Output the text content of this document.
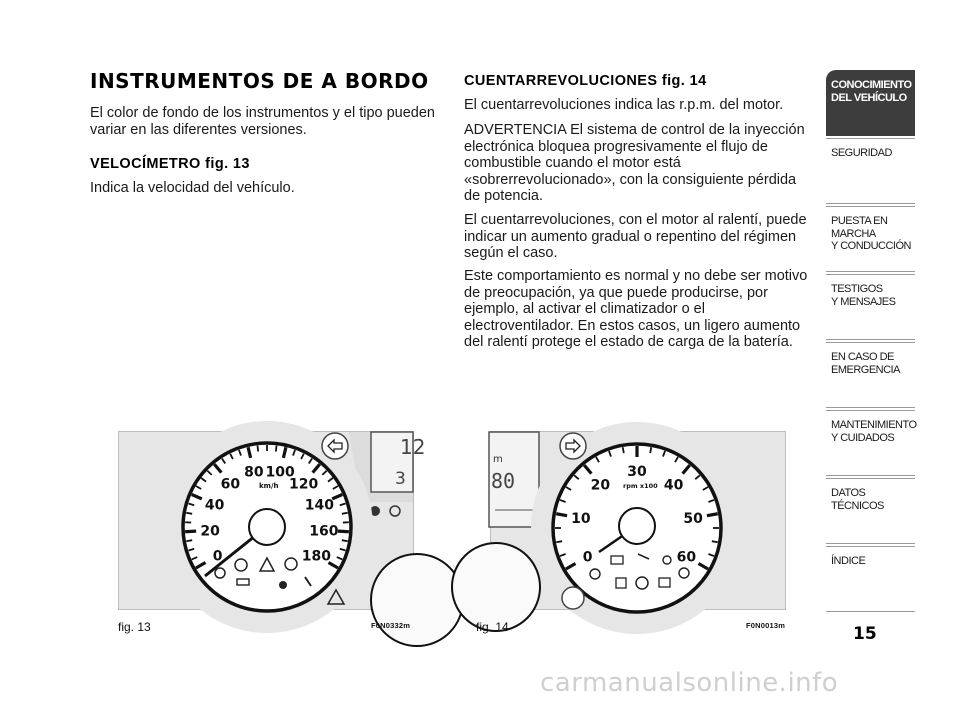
INSTRUMENTOS DE A BORDO

El color de fondo de los instrumentos y el tipo pueden variar en las diferentes versiones.

VELOCÍMETRO fig. 13

Indica la velocidad del vehículo.

CUENTARREVOLUCIONES fig. 14

El cuentarrevoluciones indica las r.p.m. del motor.

ADVERTENCIA El sistema de control de la inyección electrónica bloquea progresivamente el flujo de combustible cuando el motor está «sobrerrevolucionado», con la consiguiente pérdida de potencia.

El cuentarrevoluciones, con el motor al ralentí, puede indicar un aumento gradual o repentino del régimen según el caso.

Este comportamiento es normal y no debe ser motivo de preocupación, ya que puede producirse, por ejemplo, al activar el climatizador o el electroventilador. En estos casos, un ligero aumento del ralentí protege el estado de carga de la batería.

12
3
0
20
40
60
80 100
120
140
160
180
km/h
fig. 13	F0N0332m
m
80
0
10
20
30
40
50
60
rpm x100
fig. 14	F0N0013m
CONOCIMIENTO
DEL VEHÍCULO
SEGURIDAD
PUESTA EN
MARCHA
Y CONDUCCIÓN
TESTIGOS
Y MENSAJES
EN CASO DE
EMERGENCIA
MANTENIMIENTO
Y CUIDADOS
DATOS
TÉCNICOS
ÍNDICE
15
carmanualsonline.info
